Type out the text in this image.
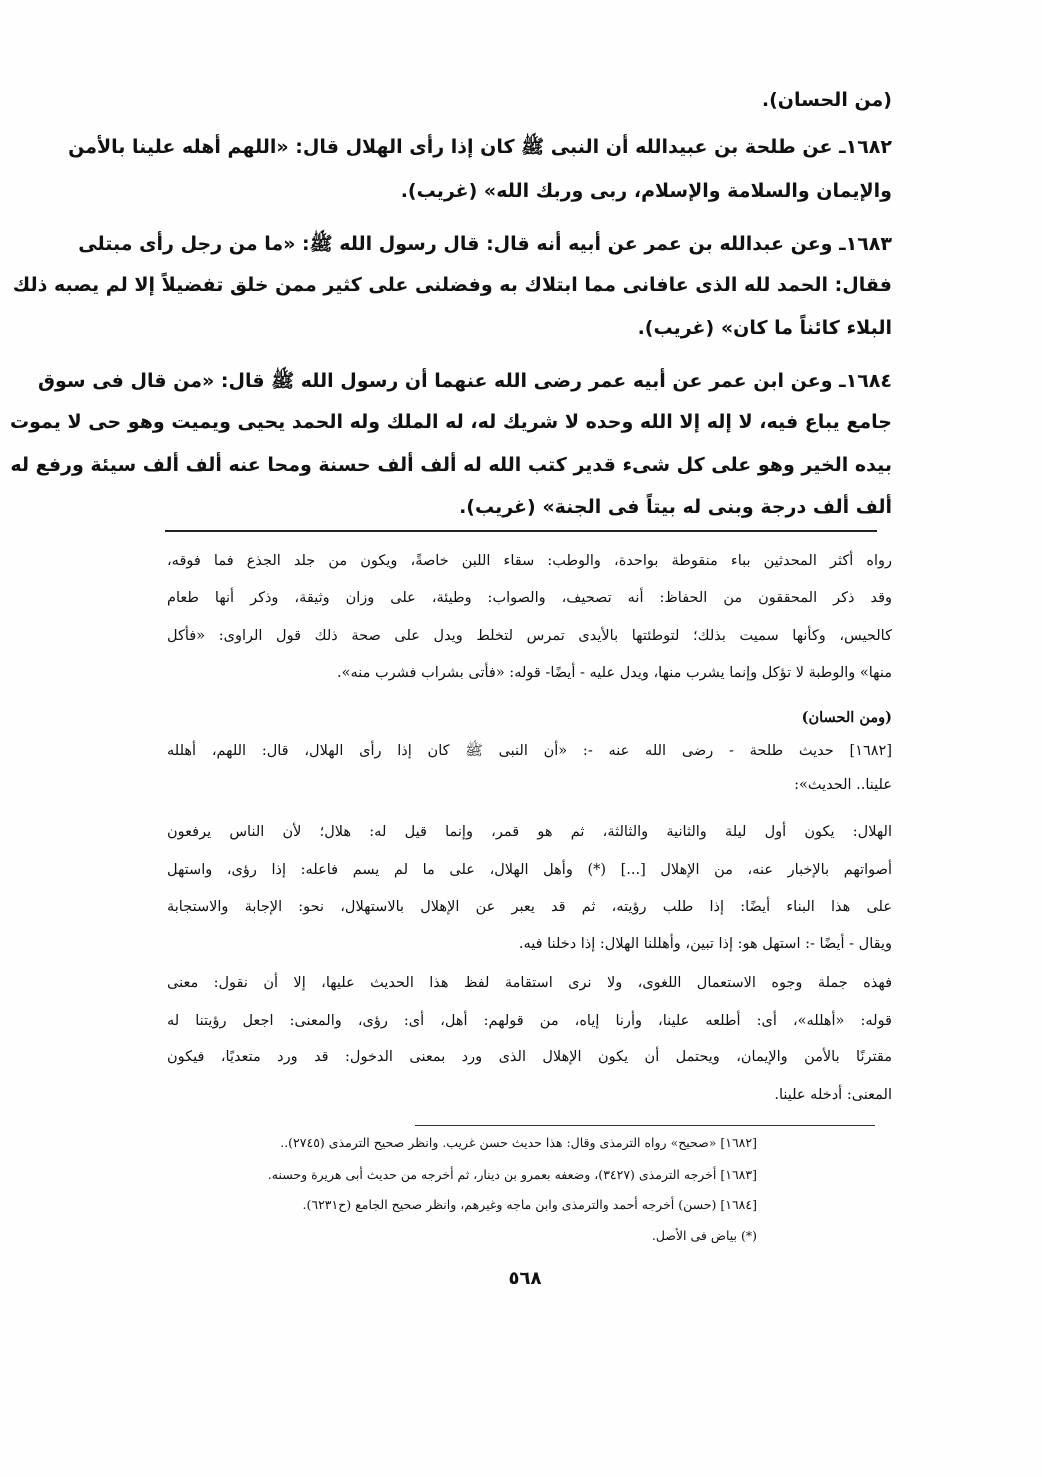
(من الحسان).
١٦٨٢ـ عن طلحة بن عبيدالله أن النبى ﷺ كان إذا رأى الهلال قال: «اللهم أهله علينا بالأمن
والإيمان والسلامة والإسلام، ربى وربك الله» (غريب).
١٦٨٣ـ وعن عبدالله بن عمر عن أبيه أنه قال: قال رسول الله ﷺ: «ما من رجل رأى مبتلى
فقال: الحمد لله الذى عافانى مما ابتلاك به وفضلنى على كثير ممن خلق تفضيلاً إلا لم يصبه ذلك
البلاء كائناً ما كان» (غريب).
١٦٨٤ـ وعن ابن عمر عن أبيه عمر رضى الله عنهما أن رسول الله ﷺ قال: «من قال فى سوق
جامع يباع فيه، لا إله إلا الله وحده لا شريك له، له الملك وله الحمد يحيى ويميت وهو حى لا يموت
بيده الخير وهو على كل شىء قدير كتب الله له ألف ألف حسنة ومحا عنه ألف ألف سيئة ورفع له
ألف ألف درجة وبنى له بيتاً فى الجنة» (غريب).
رواه أكثر المحدثين بباء منقوطة بواحدة، والوطب: سقاء اللبن خاصةً، ويكون من جلد الجذع فما فوقه،
وقد ذكر المحققون من الحفاظ: أنه تصحيف، والصواب: وطيئة، على وزان وثيقة، وذكر أنها طعام
كالحيس، وكأنها سميت بذلك؛ لتوطئتها بالأيدى تمرس لتخلط ويدل على صحة ذلك قول الراوى: «فأكل
منها» والوطبة لا تؤكل وإنما يشرب منها، ويدل عليه - أيضًا- قوله: «فأتى بشراب فشرب منه».
(ومن الحسان)
[١٦٨٢] حديث طلحة - رضى الله عنه -: «أن النبى ﷺ كان إذا رأى الهلال، قال: اللهم، أهلله
علينا.. الحديث»:
الهلال: يكون أول ليلة والثانية والثالثة، ثم هو قمر، وإنما قيل له: هلال؛ لأن الناس يرفعون
أصواتهم بالإخبار عنه، من الإهلال [...] (*) وأهل الهلال، على ما لم يسم فاعله: إذا رؤى، واستهل
على هذا البناء أيضًا: إذا طلب رؤيته، ثم قد يعبر عن الإهلال بالاستهلال، نحو: الإجابة والاستجابة
ويقال - أيضًا -: استهل هو: إذا تبين، وأهللنا الهلال: إذا دخلنا فيه.
فهذه جملة وجوه الاستعمال اللغوى، ولا نرى استقامة لفظ هذا الحديث عليها، إلا أن نقول: معنى
قوله: «أهلله»، أى: أطلعه علينا، وأرنا إياه، من قولهم: أهل، أى: رؤى، والمعنى: اجعل رؤيتنا له
مقترنًا بالأمن والإيمان، ويحتمل أن يكون الإهلال الذى ورد بمعنى الدخول: قد ورد متعديًا، فيكون
المعنى: أدخله علينا.
[١٦٨٢] «صحيح» رواه الترمذى وقال: هذا حديث حسن غريب. وانظر صحيح الترمذى (٢٧٤٥)..
[١٦٨٣] أخرجه الترمذى (٣٤٢٧)، وضعفه بعمرو بن دينار، ثم أخرجه من حديث أبى هريرة وحسنه.
[١٦٨٤] (حسن) أخرجه أحمد والترمذى وابن ماجه وغيرهم، وانظر صحيح الجامع (ح٦٢٣١).
(*) بياض فى الأصل.
٥٦٨
